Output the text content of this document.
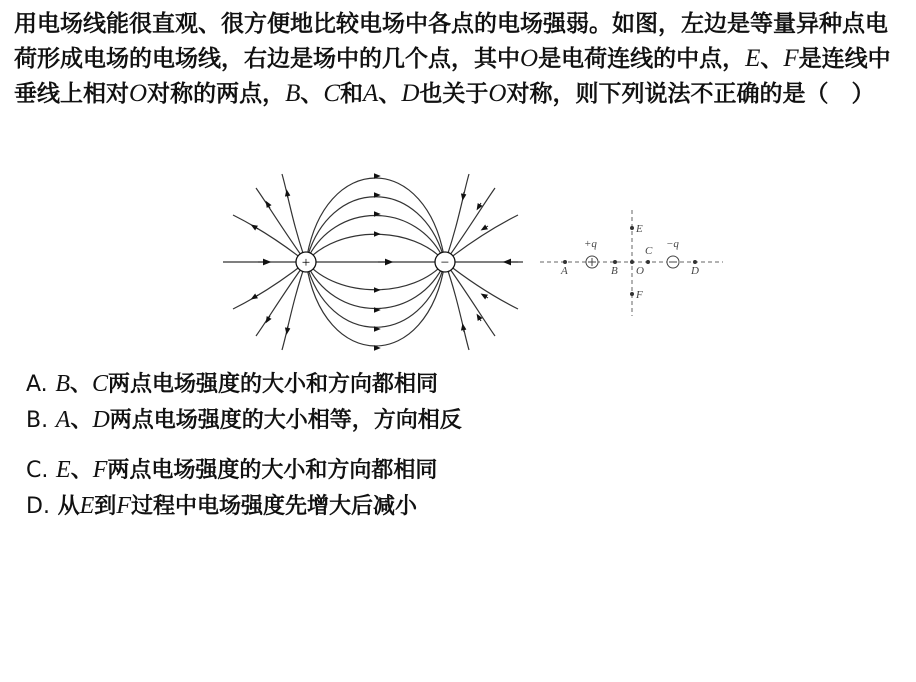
用电场线能很直观、很方便地比较电场中各点的电场强弱。如图，左边是等量异种点电荷形成电场的电场线，右边是场中的几个点，其中O是电荷连线的中点，E、F是连线中垂线上相对O对称的两点，B、C和A、D也关于O对称，则下列说法不正确的是（　）

+	−
+q	−q
A	B O
C
D
E
F
A. B、C两点电场强度的大小和方向都相同
B. A、D两点电场强度的大小相等，方向相反
C. E、F两点电场强度的大小和方向都相同
D. 从E到F过程中电场强度先增大后减小
